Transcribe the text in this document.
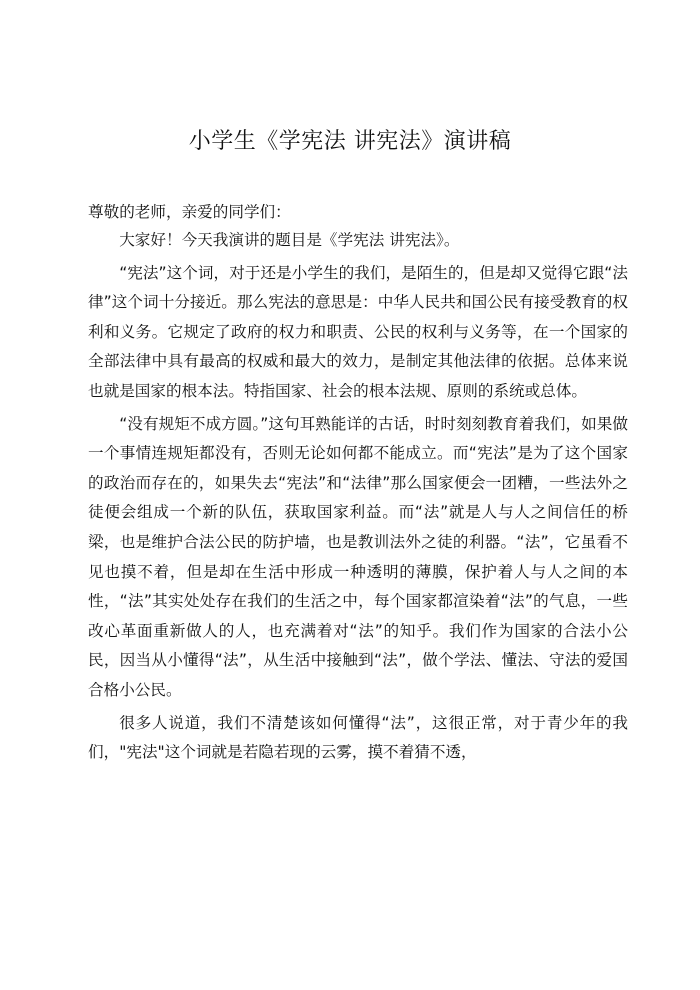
小学生《学宪法 讲宪法》演讲稿

尊敬的老师，亲爱的同学们：

大家好！今天我演讲的题目是《学宪法 讲宪法》。

“宪法”这个词，对于还是小学生的我们，是陌生的，但是却又觉得它跟“法律”这个词十分接近。那么宪法的意思是：中华人民共和国公民有接受教育的权利和义务。它规定了政府的权力和职责、公民的权利与义务等，在一个国家的全部法律中具有最高的权威和最大的效力，是制定其他法律的依据。总体来说也就是国家的根本法。特指国家、社会的根本法规、原则的系统或总体。

“没有规矩不成方圆。”这句耳熟能详的古话，时时刻刻教育着我们，如果做一个事情连规矩都没有，否则无论如何都不能成立。而“宪法”是为了这个国家的政治而存在的，如果失去“宪法”和“法律”那么国家便会一团糟，一些法外之徒便会组成一个新的队伍，获取国家利益。而“法”就是人与人之间信任的桥梁，也是维护合法公民的防护墙，也是教训法外之徒的利器。“法”，它虽看不见也摸不着，但是却在生活中形成一种透明的薄膜，保护着人与人之间的本性，“法”其实处处存在我们的生活之中，每个国家都渲染着“法”的气息，一些改心革面重新做人的人，也充满着对“法”的知乎。我们作为国家的合法小公民，因当从小懂得“法”，从生活中接触到“法”，做个学法、懂法、守法的爱国合格小公民。

很多人说道，我们不清楚该如何懂得“法”，这很正常，对于青少年的我们，"宪法"这个词就是若隐若现的云雾，摸不着猜不透，
